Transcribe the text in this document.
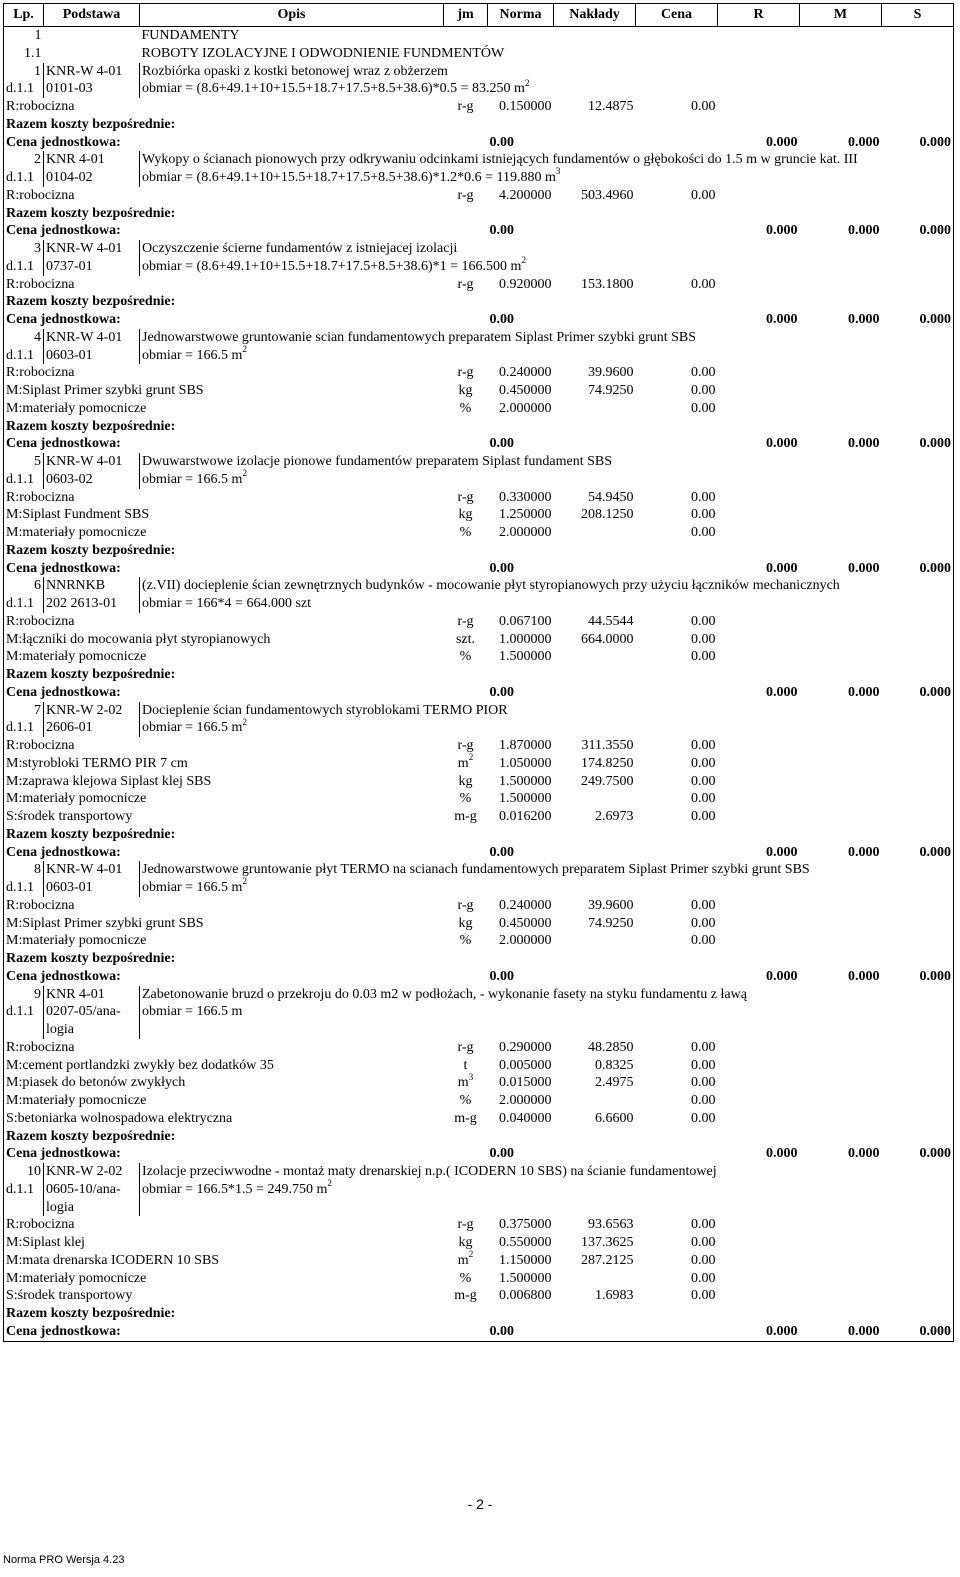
Lp.	Podstawa	Opis	jm	Norma	Nakłady	Cena	R	M	S
1		FUNDAMENTY							
1.1		ROBOTY IZOLACYJNE I ODWODNIENIE FUNDMENTÓW							
1	KNR-W 4-01	Rozbiórka opaski z kostki betonowej wraz z obżerzem							
d.1.1	0101-03	obmiar = (8.6+49.1+10+15.5+18.7+17.5+8.5+38.6)*0.5 = 83.250 $m^2$	
R:robocizna			r-g	0.150000	12.4875	0.00			
Razem koszty bezpośrednie:									
Cena jednostkowa:				0.00			0.000	0.000	0.000
2	KNR 4-01	Wykopy o ścianach pionowych przy odkrywaniu odcinkami istniejących fundamentów o głębokości do 1.5 m w gruncie kat. III							
d.1.1	0104-02	obmiar = (8.6+49.1+10+15.5+18.7+17.5+8.5+38.6)*1.2*0.6 = 119.880 $m^3$	
R:robocizna			r-g	4.200000	503.4960	0.00			
Razem koszty bezpośrednie:									
Cena jednostkowa:				0.00			0.000	0.000	0.000
3	KNR-W 4-01	Oczyszczenie ścierne fundamentów z istniejacej izolacji							
d.1.1	0737-01	obmiar = (8.6+49.1+10+15.5+18.7+17.5+8.5+38.6)*1 = 166.500 $m^2$	
R:robocizna			r-g	0.920000	153.1800	0.00			
Razem koszty bezpośrednie:									
Cena jednostkowa:				0.00			0.000	0.000	0.000
4	KNR-W 4-01	Jednowarstwowe gruntowanie scian fundamentowych preparatem Siplast Primer szybki grunt SBS							
d.1.1	0603-01	obmiar = 166.5 $m^2$	
R:robocizna			r-g	0.240000	39.9600	0.00			
M:Siplast Primer szybki grunt SBS			kg	0.450000	74.9250	0.00			
M:materiały pomocnicze			%	2.000000		0.00			
Razem koszty bezpośrednie:									
Cena jednostkowa:				0.00			0.000	0.000	0.000
5	KNR-W 4-01	Dwuwarstwowe izolacje pionowe fundamentów preparatem Siplast fundament SBS							
d.1.1	0603-02	obmiar = 166.5 $m^2$	
R:robocizna			r-g	0.330000	54.9450	0.00			
M:Siplast Fundment SBS			kg	1.250000	208.1250	0.00			
M:materiały pomocnicze			%	2.000000		0.00			
Razem koszty bezpośrednie:									
Cena jednostkowa:				0.00			0.000	0.000	0.000
6	NNRNKB	(z.VII) docieplenie ścian zewnętrznych budynków - mocowanie płyt styropianowych przy użyciu łączników mechanicznych							
d.1.1	202 2613-01	obmiar = 166*4 = 664.000 szt							
R:robocizna			r-g	0.067100	44.5544	0.00			
M:łączniki do mocowania płyt styropianowych			szt.	1.000000	664.0000	0.00			
M:materiały pomocnicze			%	1.500000		0.00			
Razem koszty bezpośrednie:									
Cena jednostkowa:				0.00			0.000	0.000	0.000
7	KNR-W 2-02	Docieplenie ścian fundamentowych styroblokami TERMO PIOR							
d.1.1	2606-01	obmiar = 166.5 $m^2$	
R:robocizna			r-g	1.870000	311.3550	0.00			
M:styrobloki TERMO PIR 7 cm			$m^2$	1.050000	174.8250	0.00			
M:zaprawa klejowa Siplast klej SBS			kg	1.500000	249.7500	0.00			
M:materiały pomocnicze			%	1.500000		0.00			
S:środek transportowy			m-g	0.016200	2.6973	0.00			
Razem koszty bezpośrednie:									
Cena jednostkowa:				0.00			0.000	0.000	0.000
8	KNR-W 4-01	Jednowarstwowe gruntowanie płyt TERMO na scianach fundamentowych preparatem Siplast Primer szybki grunt SBS							
d.1.1	0603-01	obmiar = 166.5 $m^2$	
R:robocizna			r-g	0.240000	39.9600	0.00			
M:Siplast Primer szybki grunt SBS			kg	0.450000	74.9250	0.00			
M:materiały pomocnicze			%	2.000000		0.00			
Razem koszty bezpośrednie:									
Cena jednostkowa:				0.00			0.000	0.000	0.000
9	KNR 4-01	Zabetonowanie bruzd o przekroju do 0.03 m2 w podłożach, - wykonanie fasety na styku fundamentu z ławą							
d.1.1	0207-05/ana-	obmiar = 166.5 m							
	logia								
R:robocizna			r-g	0.290000	48.2850	0.00			
M:cement portlandzki zwykły bez dodatków 35			t	0.005000	0.8325	0.00			
M:piasek do betonów zwykłych			$m^3$	0.015000	2.4975	0.00			
M:materiały pomocnicze			%	2.000000		0.00			
S:betoniarka wolnospadowa elektryczna			m-g	0.040000	6.6600	0.00			
Razem koszty bezpośrednie:									
Cena jednostkowa:				0.00			0.000	0.000	0.000
10	KNR-W 2-02	Izolacje przeciwwodne - montaż maty drenarskiej n.p.( ICODERN 10 SBS) na ścianie fundamentowej							
d.1.1	0605-10/ana-	obmiar = 166.5*1.5 = 249.750 $m^2$	
	logia								
R:robocizna			r-g	0.375000	93.6563	0.00			
M:Siplast klej			kg	0.550000	137.3625	0.00			
M:mata drenarska ICODERN 10 SBS			$m^2$	1.150000	287.2125	0.00			
M:materiały pomocnicze			%	1.500000		0.00			
S:środek transportowy			m-g	0.006800	1.6983	0.00			
Razem koszty bezpośrednie:									
Cena jednostkowa:				0.00			0.000	0.000	0.000
- 2 -
Norma PRO Wersja 4.23
